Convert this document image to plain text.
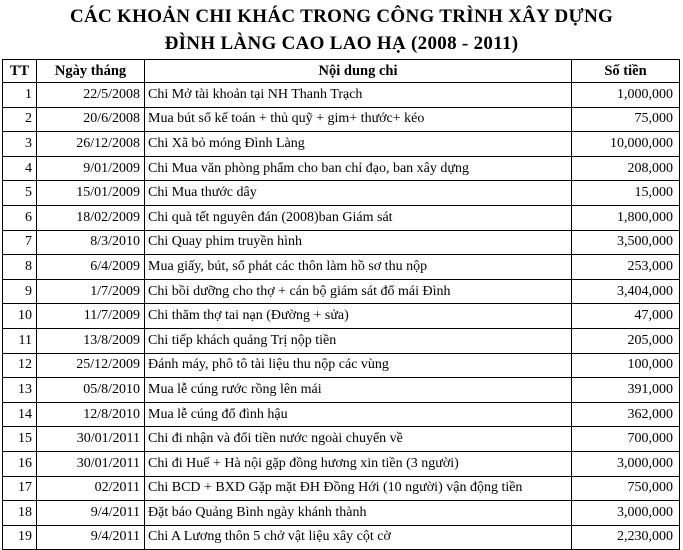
CÁC KHOẢN CHI KHÁC TRONG CÔNG TRÌNH XÂY DỰNG
ĐÌNH LÀNG CAO LAO HẠ (2008 - 2011)
TT	Ngày tháng	Nội dung chi	Số tiền
1	22/5/2008	Chi Mở tài khoản tại NH Thanh Trạch	1,000,000
2	20/6/2008	Mua bút sổ kế toán + thủ quỹ + gim+ thước+ kéo	75,000
3	26/12/2008	Chi Xã bỏ móng Đình Làng	10,000,000
4	9/01/2009	Chi Mua văn phòng phẩm cho ban chỉ đạo, ban xây dựng	208,000
5	15/01/2009	Chi Mua thước dây	15,000
6	18/02/2009	Chi quà tết nguyên đán (2008)ban Giám sát	1,800,000
7	8/3/2010	Chi Quay phim truyền hình	3,500,000
8	6/4/2009	Mua giấy, bút, sổ phát các thôn làm hồ sơ thu nộp	253,000
9	1/7/2009	Chi bồi dưỡng cho thợ + cán bộ giám sát đổ mái Đình	3,404,000
10	11/7/2009	Chi thăm thợ tai nạn (Đường + sửa)	47,000
11	13/8/2009	Chi tiếp khách quảng Trị nộp tiền	205,000
12	25/12/2009	Đánh máy, phô tô tài liệu thu nộp các vùng	100,000
13	05/8/2010	Mua lễ cúng rước rồng lên mái	391,000
14	12/8/2010	Mua lễ cúng đổ đình hậu	362,000
15	30/01/2011	Chi đi nhận và đổi tiền nước ngoài chuyển về	700,000
16	30/01/2011	Chi đi Huế + Hà nội gặp đồng hương xin tiền (3 người)	3,000,000
17	02/2011	Chi BCD + BXD Gặp mặt ĐH Đồng Hới (10 người) vận động tiền	750,000
18	9/4/2011	Đặt báo Quảng Bình ngày khánh thành	3,000,000
19	9/4/2011	Chi A Lương thôn 5 chở vật liệu xây cột cờ	2,230,000
